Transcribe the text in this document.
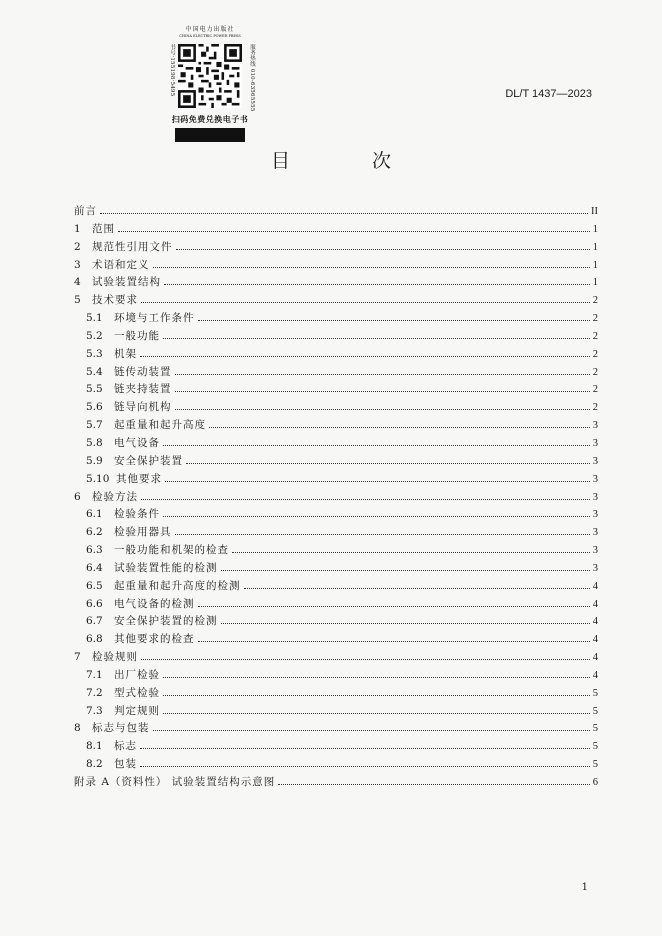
中国电力出版社
CHINA ELECTRIC POWER PRESS
书号·155198·5495	服务热线 010-63565555
扫码免费兑换电子书
DL/T 1437—2023
目 次
前言	II
1	范围	1
2	规范性引用文件	1
3	术语和定义	1
4	试验装置结构	1
5	技术要求	2
5.1	环境与工作条件	2
5.2	一般功能	2
5.3	机架	2
5.4	链传动装置	2
5.5	链夹持装置	2
5.6	链导向机构	2
5.7	起重量和起升高度	3
5.8	电气设备	3
5.9	安全保护装置	3
5.10 其他要求	3
6	检验方法	3
6.1	检验条件	3
6.2	检验用器具	3
6.3	一般功能和机架的检查	3
6.4	试验装置性能的检测	3
6.5	起重量和起升高度的检测	4
6.6	电气设备的检测	4
6.7	安全保护装置的检测	4
6.8	其他要求的检查	4
7	检验规则	4
7.1	出厂检验	4
7.2	型式检验	5
7.3	判定规则	5
8	标志与包装	5
8.1	标志	5
8.2	包装	5
附录 A（资料性） 试验装置结构示意图	6
1
